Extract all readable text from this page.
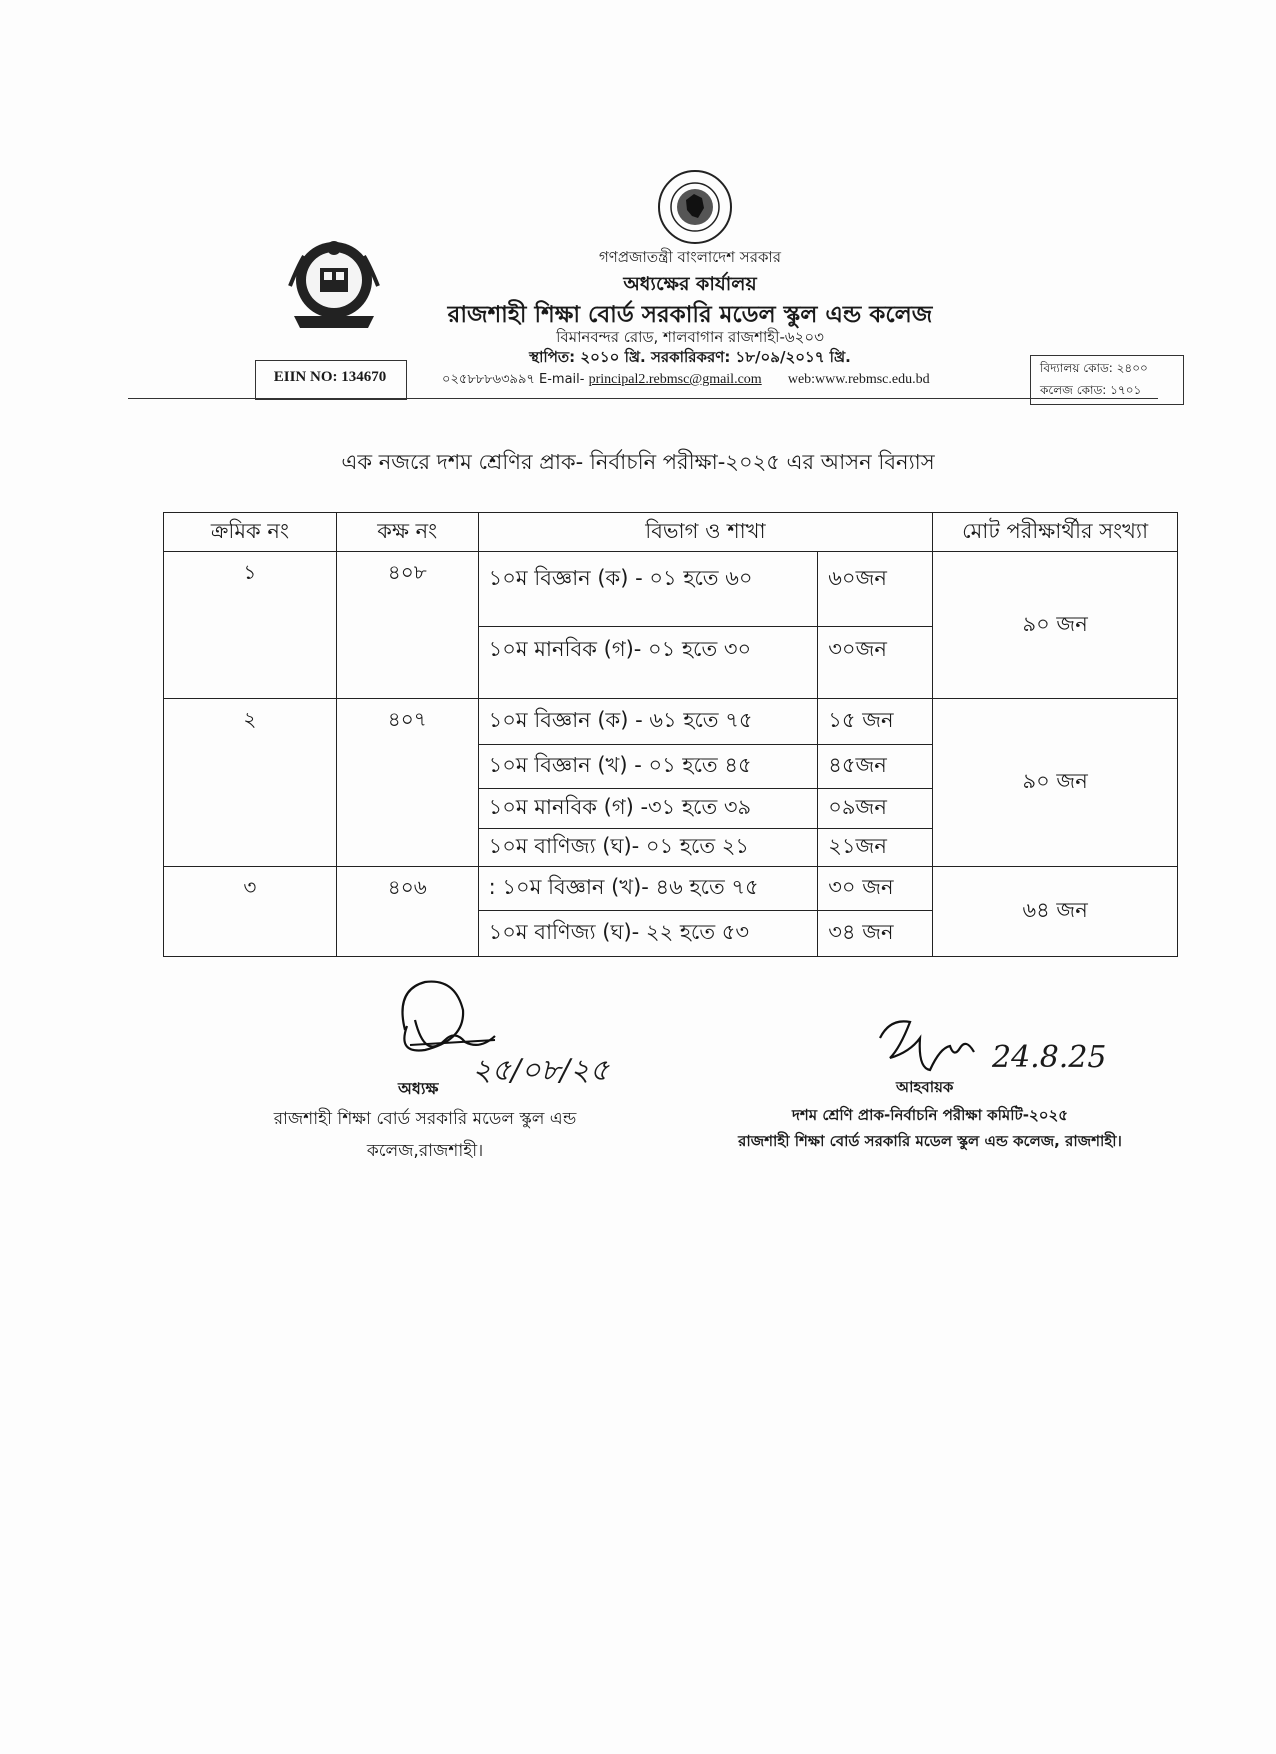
গণপ্রজাতন্ত্রী বাংলাদেশ সরকার
অধ্যক্ষের কার্যালয়
রাজশাহী শিক্ষা বোর্ড সরকারি মডেল স্কুল এন্ড কলেজ
বিমানবন্দর রোড, শালবাগান রাজশাহী-৬২০৩
স্থাপিত: ২০১০ খ্রি. সরকারিকরণ: ১৮/০৯/২০১৭ খ্রি.
EIIN NO: 134670	০২৫৮৮৮৬৩৯৯৭ E-mail- principal2.rebmsc@gmail.com web:www.rebmsc.edu.bd
বিদ্যালয় কোড: ২৪০০
কলেজ কোড: ১৭০১
এক নজরে দশম শ্রেণির প্রাক- নির্বাচনি পরীক্ষা-২০২৫ এর আসন বিন্যাস
ক্রমিক নং	কক্ষ নং	বিভাগ ও শাখা		মোট পরীক্ষার্থীর সংখ্যা
১	৪০৮	১০ম বিজ্ঞান (ক) - ০১ হতে ৬০	৬০জন	৯০ জন
		১০ম মানবিক (গ)- ০১ হতে ৩০	৩০জন	
২	৪০৭	১০ম বিজ্ঞান (ক) - ৬১ হতে ৭৫	১৫ জন	৯০ জন
		১০ম বিজ্ঞান (খ) - ০১ হতে ৪৫	৪৫জন	
		১০ম মানবিক (গ) -৩১ হতে ৩৯	০৯জন	
		১০ম বাণিজ্য (ঘ)- ০১ হতে ২১	২১জন	
৩	৪০৬	: ১০ম বিজ্ঞান (খ)- ৪৬ হতে ৭৫	৩০ জন	৬৪ জন
		১০ম বাণিজ্য (ঘ)- ২২ হতে ৫৩	৩৪ জন	
২৫/০৮/২৫
অধ্যক্ষ
রাজশাহী শিক্ষা বোর্ড সরকারি মডেল স্কুল এন্ড
কলেজ,রাজশাহী।
24.8.25
আহবায়ক
দশম শ্রেণি প্রাক-নির্বাচনি পরীক্ষা কমিটি-২০২৫
রাজশাহী শিক্ষা বোর্ড সরকারি মডেল স্কুল এন্ড কলেজ, রাজশাহী।
